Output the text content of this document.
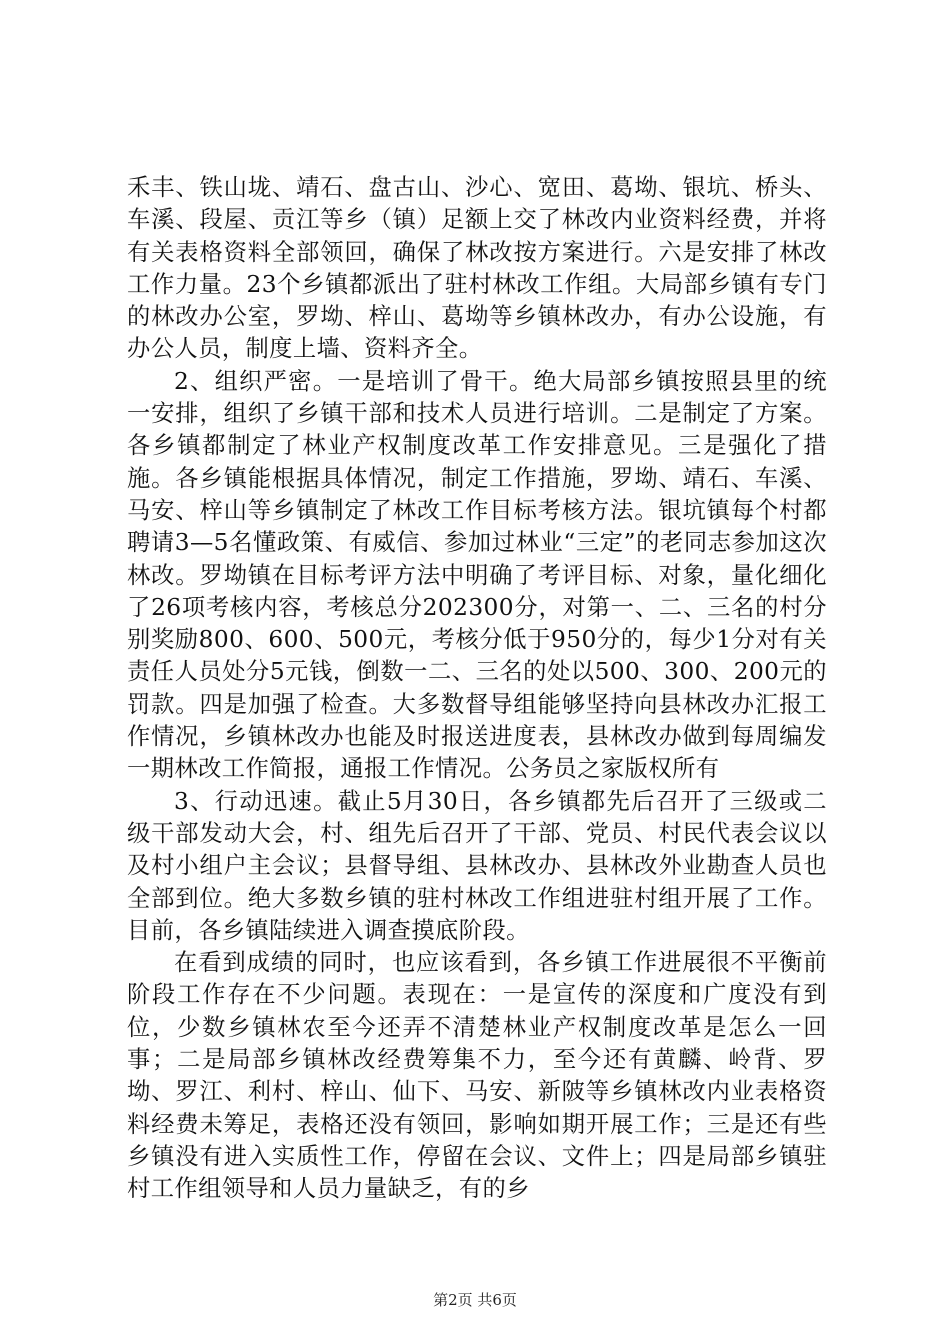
禾丰、铁山垅、靖石、盘古山、沙心、宽田、葛坳、银坑、桥头、车溪、段屋、贡江等乡（镇）足额上交了林改内业资料经费，并将有关表格资料全部领回，确保了林改按方案进行。六是安排了林改工作力量。23个乡镇都派出了驻村林改工作组。大局部乡镇有专门的林改办公室，罗坳、梓山、葛坳等乡镇林改办，有办公设施，有办公人员，制度上墙、资料齐全。

2、组织严密。一是培训了骨干。绝大局部乡镇按照县里的统一安排，组织了乡镇干部和技术人员进行培训。二是制定了方案。各乡镇都制定了林业产权制度改革工作安排意见。三是强化了措施。各乡镇能根据具体情况，制定工作措施，罗坳、靖石、车溪、马安、梓山等乡镇制定了林改工作目标考核方法。银坑镇每个村都聘请3—5名懂政策、有威信、参加过林业“三定”的老同志参加这次林改。罗坳镇在目标考评方法中明确了考评目标、对象，量化细化了26项考核内容，考核总分202300分，对第一、二、三名的村分别奖励800、600、500元，考核分低于950分的，每少1分对有关责任人员处分5元钱，倒数一二、三名的处以500、300、200元的罚款。四是加强了检查。大多数督导组能够坚持向县林改办汇报工作情况，乡镇林改办也能及时报送进度表，县林改办做到每周编发一期林改工作简报，通报工作情况。公务员之家版权所有

3、行动迅速。截止5月30日，各乡镇都先后召开了三级或二级干部发动大会，村、组先后召开了干部、党员、村民代表会议以及村小组户主会议；县督导组、县林改办、县林改外业勘查人员也全部到位。绝大多数乡镇的驻村林改工作组进驻村组开展了工作。目前，各乡镇陆续进入调查摸底阶段。

在看到成绩的同时，也应该看到，各乡镇工作进展很不平衡前阶段工作存在不少问题。表现在：一是宣传的深度和广度没有到位，少数乡镇林农至今还弄不清楚林业产权制度改革是怎么一回事；二是局部乡镇林改经费筹集不力，至今还有黄麟、岭背、罗坳、罗江、利村、梓山、仙下、马安、新陂等乡镇林改内业表格资料经费未筹足，表格还没有领回，影响如期开展工作；三是还有些乡镇没有进入实质性工作，停留在会议、文件上；四是局部乡镇驻村工作组领导和人员力量缺乏，有的乡

第2页 共6页
